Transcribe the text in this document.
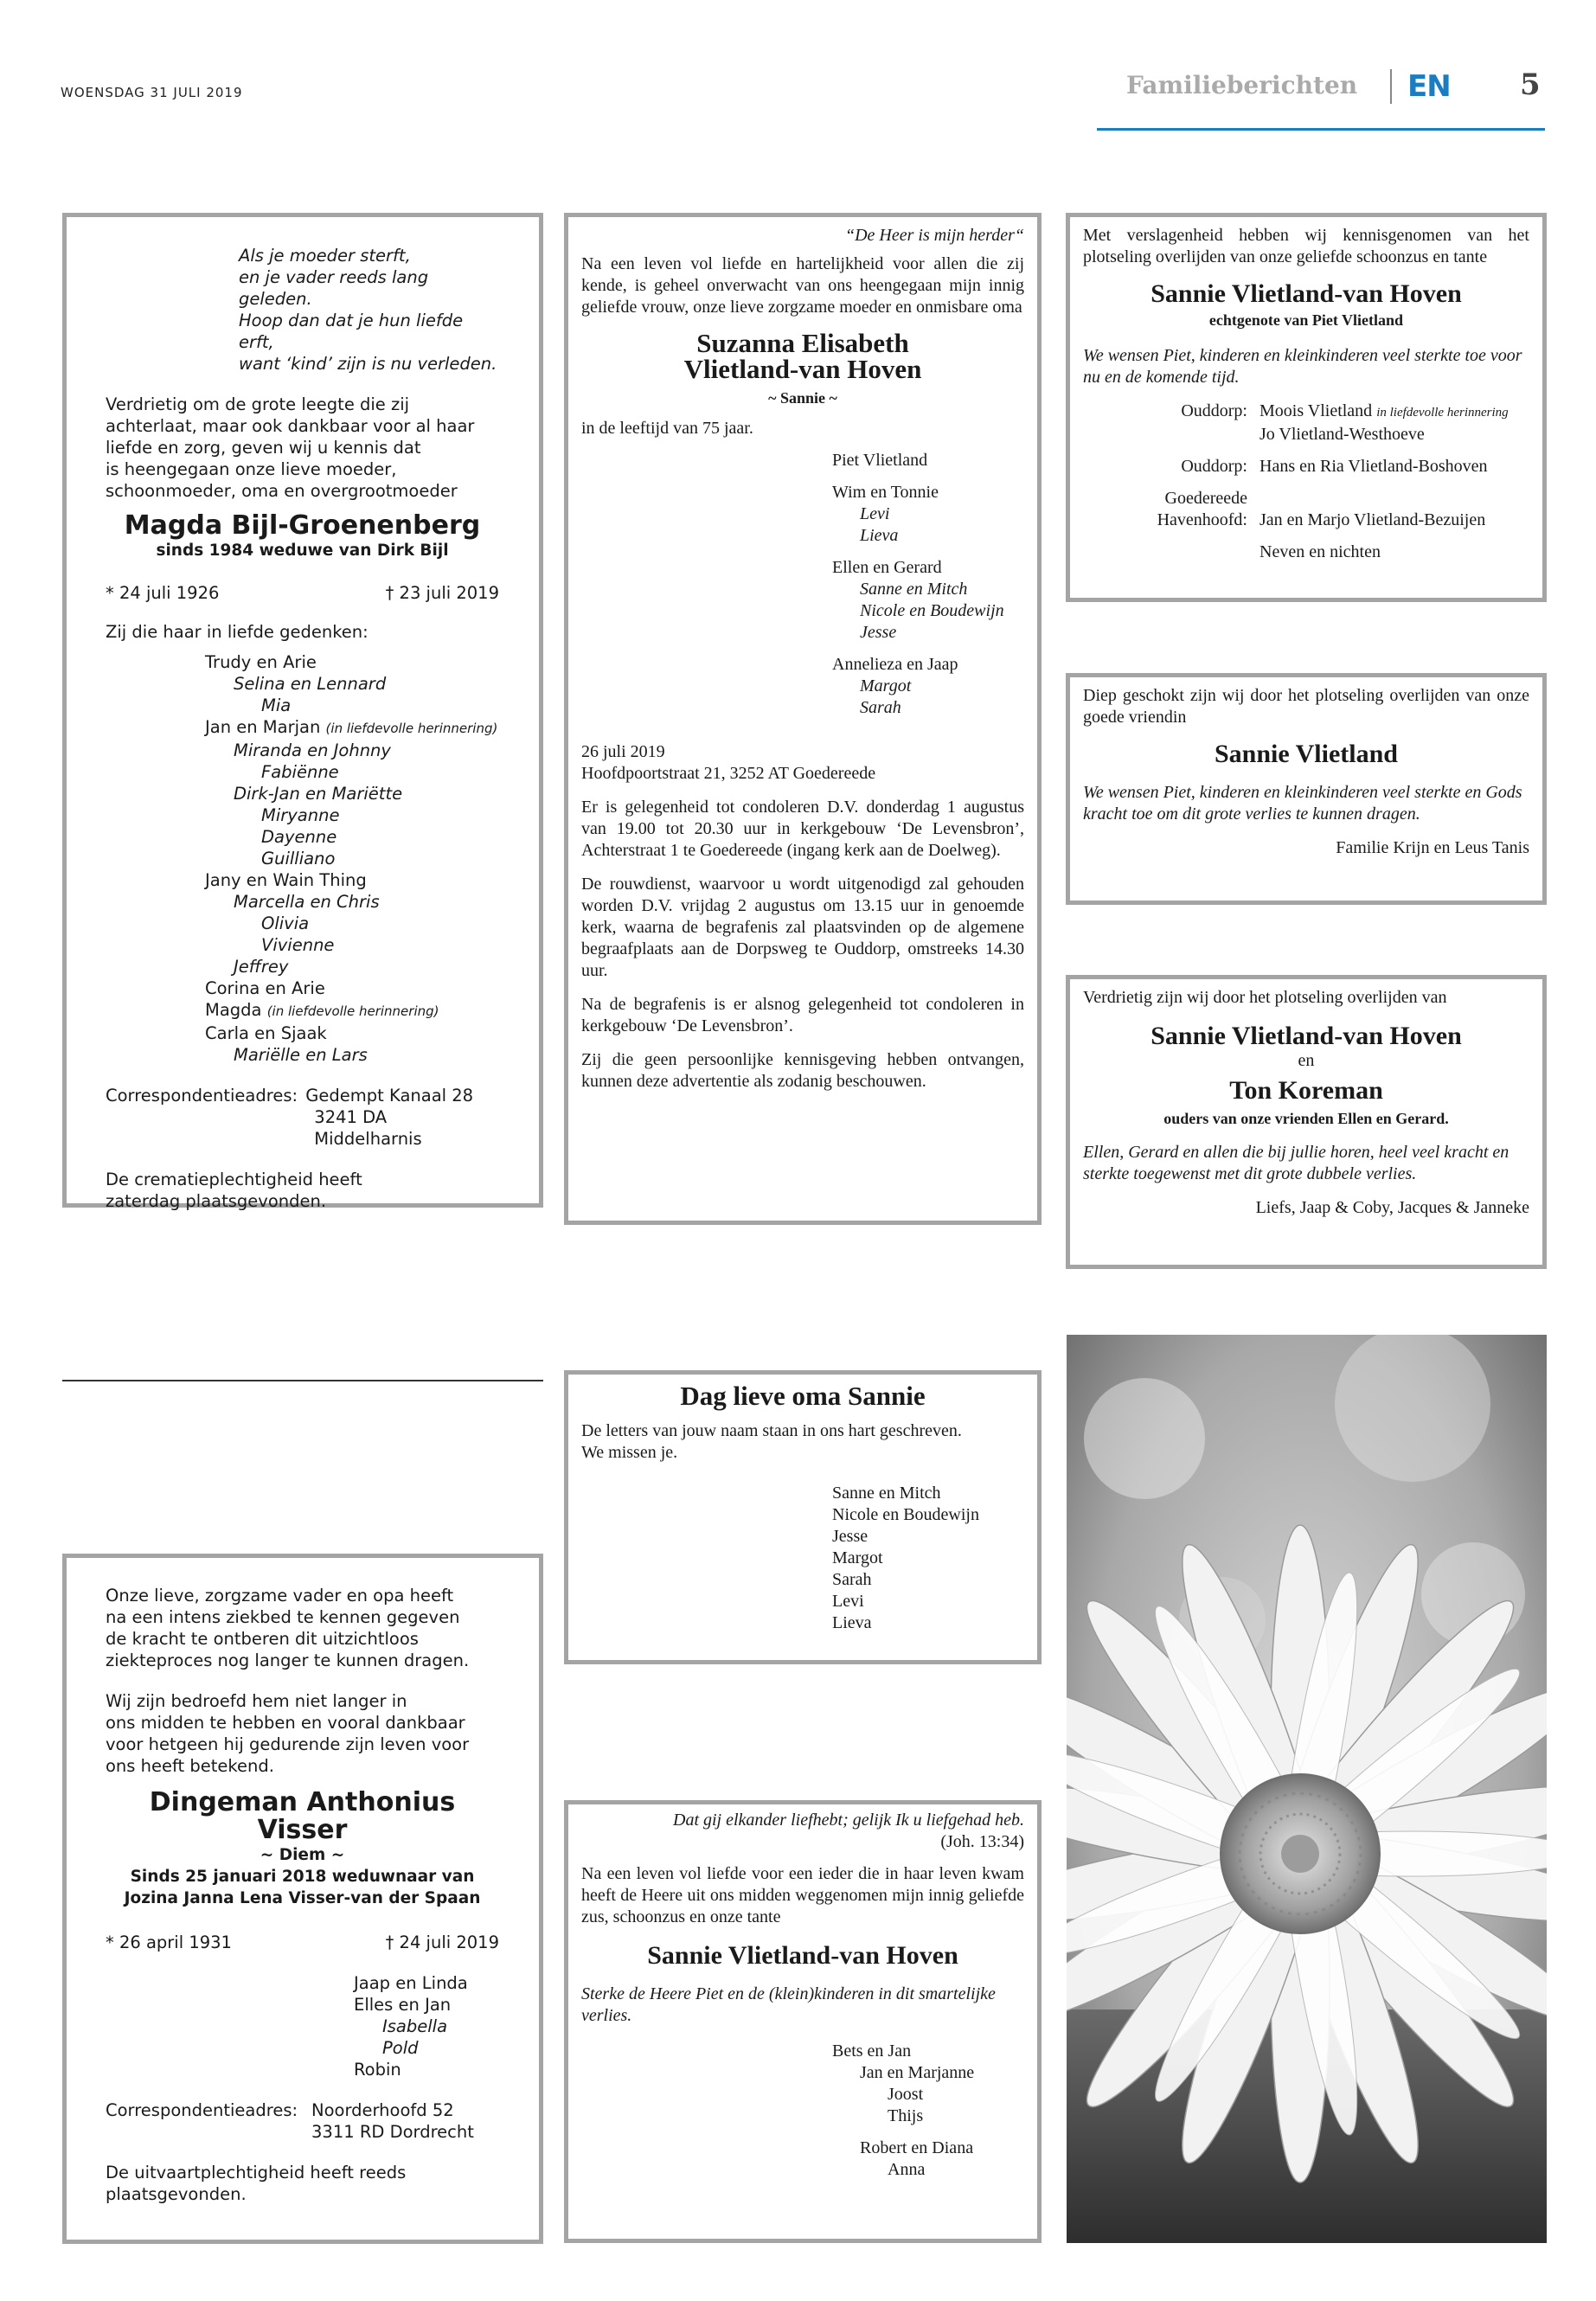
WOENSDAG 31 JULI 2019	Familieberichten EN 5
Als je moeder sterft,
en je vader reeds lang geleden.
Hoop dan dat je hun liefde erft,
want ‘kind’ zijn is nu verleden.
Verdrietig om de grote leegte die zij
achterlaat, maar ook dankbaar voor al haar
liefde en zorg, geven wij u kennis dat
is heengegaan onze lieve moeder,
schoonmoeder, oma en overgrootmoeder
Magda Bijl-Groenenberg
sinds 1984 weduwe van Dirk Bijl
* 24 juli 1926	† 23 juli 2019
Zij die haar in liefde gedenken:
Trudy en Arie
Selina en Lennard
Mia
Jan en Marjan (in liefdevolle herinnering)
Miranda en Johnny
Fabiënne
Dirk-Jan en Mariëtte
Miryanne
Dayenne
Guilliano
Jany en Wain Thing
Marcella en Chris
Olivia
Vivienne
Jeffrey
Corina en Arie
Magda (in liefdevolle herinnering)
Carla en Sjaak
Mariëlle en Lars
Correspondentieadres: Gedempt Kanaal 28
3241 DA Middelharnis
De crematieplechtigheid heeft
zaterdag plaatsgevonden.
“De Heer is mijn herder“
Na een leven vol liefde en hartelijkheid voor allen die zij kende, is geheel onverwacht van ons heengegaan mijn innig geliefde vrouw, onze lieve zorgzame moeder en onmisbare oma
Suzanna Elisabeth
Vlietland-van Hoven
~ Sannie ~
in de leeftijd van 75 jaar.
Piet Vlietland
Wim en Tonnie
Levi
Lieva
Ellen en Gerard
Sanne en Mitch
Nicole en Boudewijn
Jesse
Annelieza en Jaap
Margot
Sarah
26 juli 2019
Hoofdpoortstraat 21, 3252 AT Goedereede
Er is gelegenheid tot condoleren D.V. donderdag 1 augustus van 19.00 tot 20.30 uur in kerkgebouw ‘De Levensbron’, Achterstraat 1 te Goedereede (ingang kerk aan de Doelweg).
De rouwdienst, waarvoor u wordt uitgenodigd zal gehouden worden D.V. vrijdag 2 augustus om 13.15 uur in genoemde kerk, waarna de begrafenis zal plaatsvinden op de algemene begraafplaats aan de Dorpsweg te Ouddorp, omstreeks 14.30 uur.
Na de begrafenis is er alsnog gelegenheid tot condoleren in kerkgebouw ‘De Levensbron’.
Zij die geen persoonlijke kennisgeving hebben ontvangen, kunnen deze advertentie als zodanig beschouwen.
Met verslagenheid hebben wij kennisgenomen van het plotseling overlijden van onze geliefde schoonzus en tante
Sannie Vlietland-van Hoven
echtgenote van Piet Vlietland
We wensen Piet, kinderen en kleinkinderen veel sterkte toe voor nu en de komende tijd.
Ouddorp: Moois Vlietland in liefdevolle herinnering
Jo Vlietland-Westhoeve
Ouddorp: Hans en Ria Vlietland-Boshoven
Goedereede
Havenhoofd: Jan en Marjo Vlietland-Bezuijen
Neven en nichten
Diep geschokt zijn wij door het plotseling overlijden van onze goede vriendin
Sannie Vlietland
We wensen Piet, kinderen en kleinkinderen veel sterkte en Gods kracht toe om dit grote verlies te kunnen dragen.
Familie Krijn en Leus Tanis
Verdrietig zijn wij door het plotseling overlijden van
Sannie Vlietland-van Hoven
en
Ton Koreman
ouders van onze vrienden Ellen en Gerard.
Ellen, Gerard en allen die bij jullie horen, heel veel kracht en sterkte toegewenst met dit grote dubbele verlies.
Liefs, Jaap & Coby, Jacques & Janneke
Dag lieve oma Sannie
De letters van jouw naam staan in ons hart geschreven.
We missen je.
Sanne en Mitch
Nicole en Boudewijn
Jesse
Margot
Sarah
Levi
Lieva
Onze lieve, zorgzame vader en opa heeft
na een intens ziekbed te kennen gegeven
de kracht te ontberen dit uitzichtloos
ziekteproces nog langer te kunnen dragen.
Wij zijn bedroefd hem niet langer in
ons midden te hebben en vooral dankbaar
voor hetgeen hij gedurende zijn leven voor
ons heeft betekend.
Dingeman Anthonius Visser
~ Diem ~
Sinds 25 januari 2018 weduwnaar van
Jozina Janna Lena Visser-van der Spaan
* 26 april 1931	† 24 juli 2019
Jaap en Linda
Elles en Jan
Isabella
Pold
Robin
Correspondentieadres: Noorderhoofd 52
3311 RD Dordrecht
De uitvaartplechtigheid heeft reeds
plaatsgevonden.
Dat gij elkander liefhebt; gelijk Ik u liefgehad heb.
(Joh. 13:34)
Na een leven vol liefde voor een ieder die in haar leven kwam heeft de Heere uit ons midden weggenomen mijn innig geliefde zus, schoonzus en onze tante
Sannie Vlietland-van Hoven
Sterke de Heere Piet en de (klein)kinderen in dit smartelijke verlies.
Bets en Jan
Jan en Marjanne
Joost
Thijs
Robert en Diana
Anna
